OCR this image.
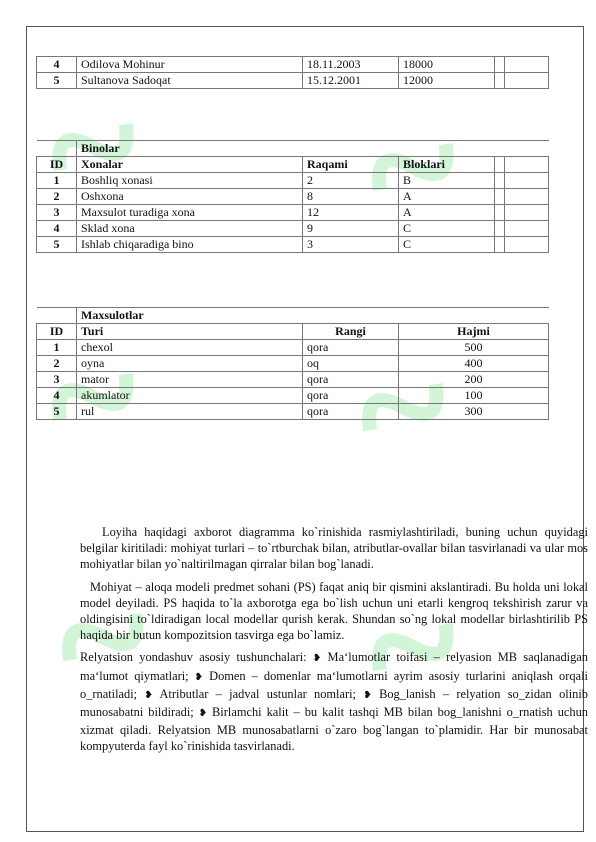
4	Odilova Mohinur	18.11.2003	18000		
5	Sultanova Sadoqat	15.12.2001	12000		
	Binolar				
ID	Xonalar	Raqami	Bloklari		
1	Boshliq xonasi	2	B		
2	Oshxona	8	A		
3	Maxsulot turadiga xona	12	A		
4	Sklad xona	9	C		
5	Ishlab chiqaradiga bino	3	C		
	Maxsulotlar		
ID	Turi	Rangi	Hajmi
1	chexol	qora	500
2	oyna	oq	400
3	mator	qora	200
4	akumlator	qora	100
5	rul	qora	300

Loyiha haqidagi axborot diagramma ko`rinishida rasmiylashtiriladi, buning uchun quyidagi belgilar kiritiladi: mohiyat turlari – to`rtburchak bilan, atributlar-ovallar bilan tasvirlanadi va ular mos mohiyatlar bilan yo`naltirilmagan qirralar bilan bog`lanadi.

Mohiyat – aloqa modeli predmet sohani (PS) faqat aniq bir qismini akslantiradi. Bu holda uni lokal model deyiladi. PS haqida to`la axborotga ega bo`lish uchun uni etarli kengroq tekshirish zarur va oldingisini to`ldiradigan local modellar qurish kerak. Shundan so`ng lokal modellar birlashtirilib PS haqida bir butun kompozitsion tasvirga ega bo`lamiz.

Relyatsion yondashuv asosiy tushunchalari: ❥ Ma‘lumotlar toifasi – relyasion MB saqlanadigan ma‘lumot qiymatlari; ❥ Domen – domenlar ma‘lumotlarni ayrim asosiy turlarini aniqlash orqali o_rnatiladi; ❥ Atributlar – jadval ustunlar nomlari; ❥ Bog_lanish – relyation so_zidan olinib munosabatni bildiradi; ❥ Birlamchi kalit – bu kalit tashqi MB bilan bog_lanishni o_rnatish uchun xizmat qiladi. Relyatsion MB munosabatlarni o`zaro bog`langan to`plamidir. Har bir munosabat kompyuterda fayl ko`rinishida tasvirlanadi.
